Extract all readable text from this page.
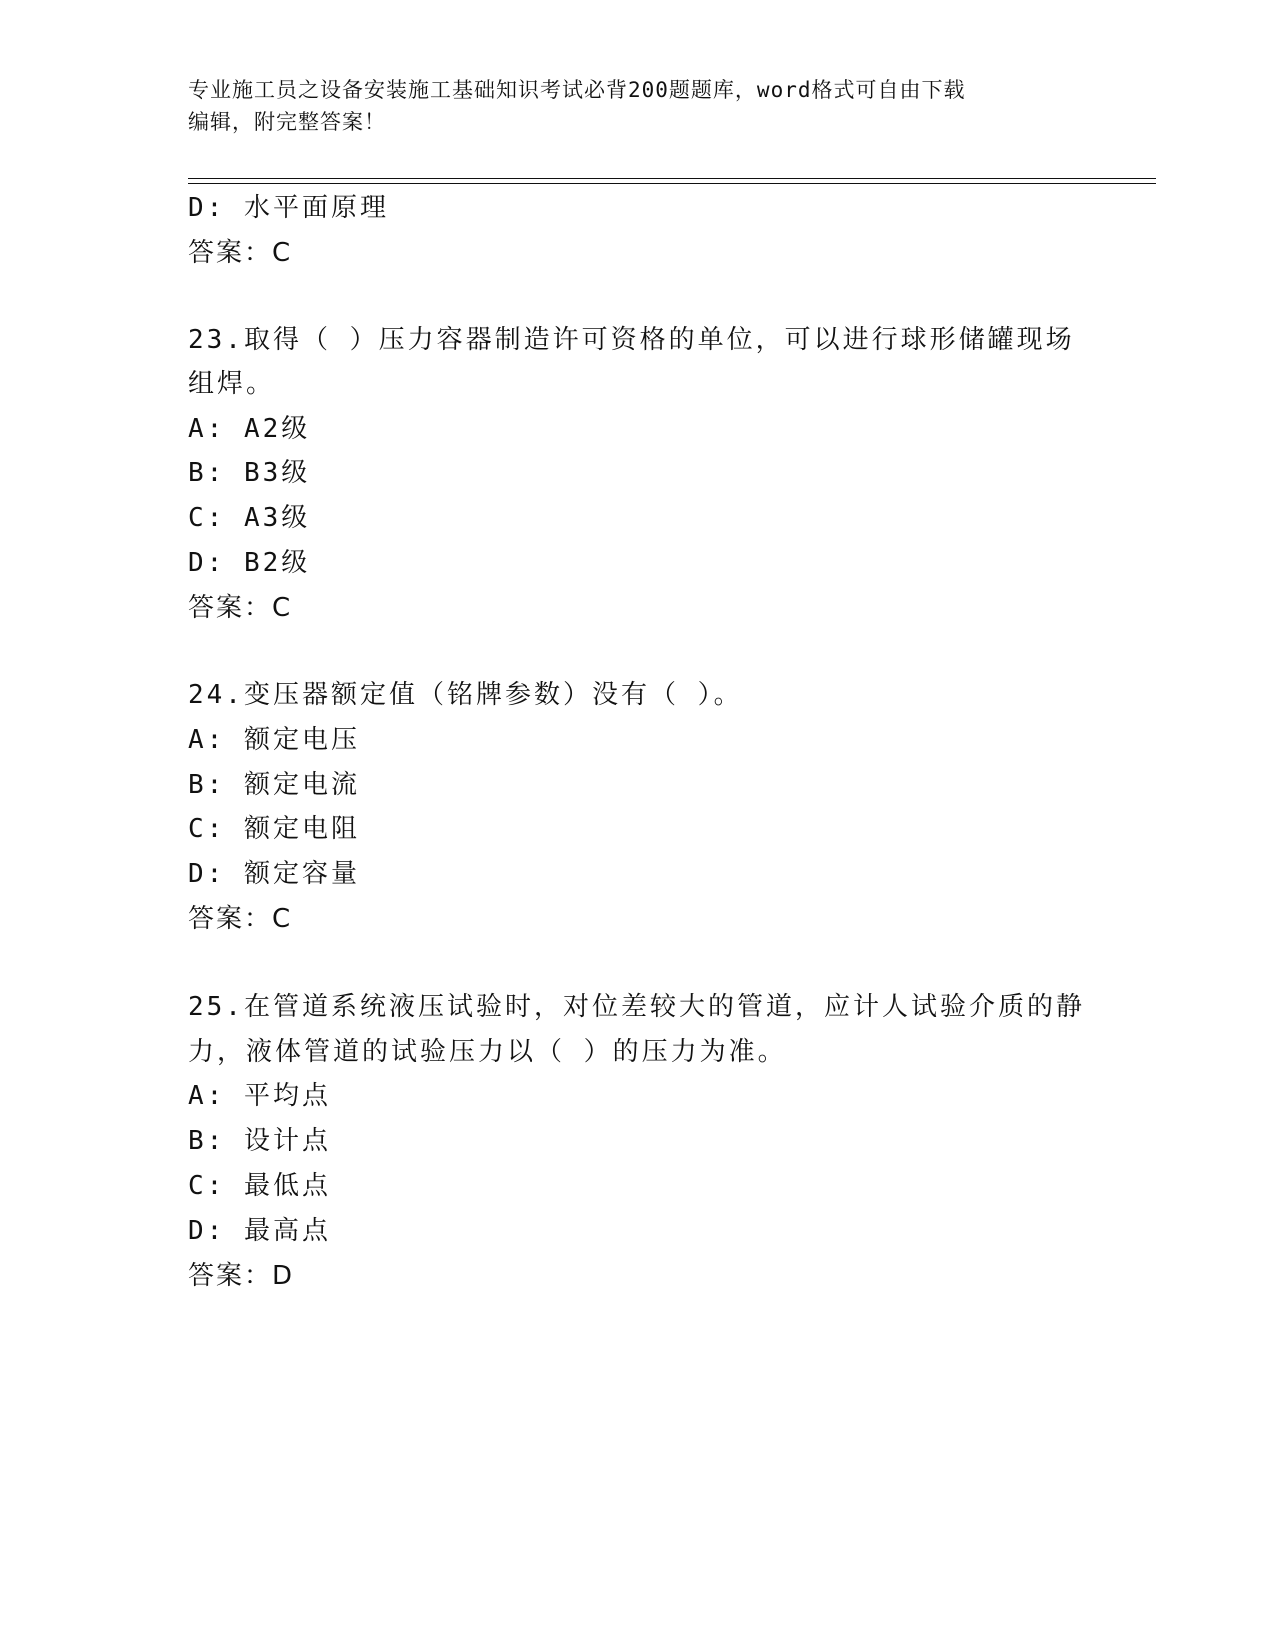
专业施工员之设备安装施工基础知识考试必背200题题库，word格式可自由下载
编辑，附完整答案！
D: 水平面原理
答案：C
23.取得（ ）压力容器制造许可资格的单位，可以进行球形储罐现场
组焊。
A: A2级
B: B3级
C: A3级
D: B2级
答案：C
24.变压器额定值（铭牌参数）没有（ ）。
A: 额定电压
B: 额定电流
C: 额定电阻
D: 额定容量
答案：C
25.在管道系统液压试验时，对位差较大的管道，应计人试验介质的静
力，液体管道的试验压力以（ ）的压力为准。
A: 平均点
B: 设计点
C: 最低点
D: 最高点
答案：D
